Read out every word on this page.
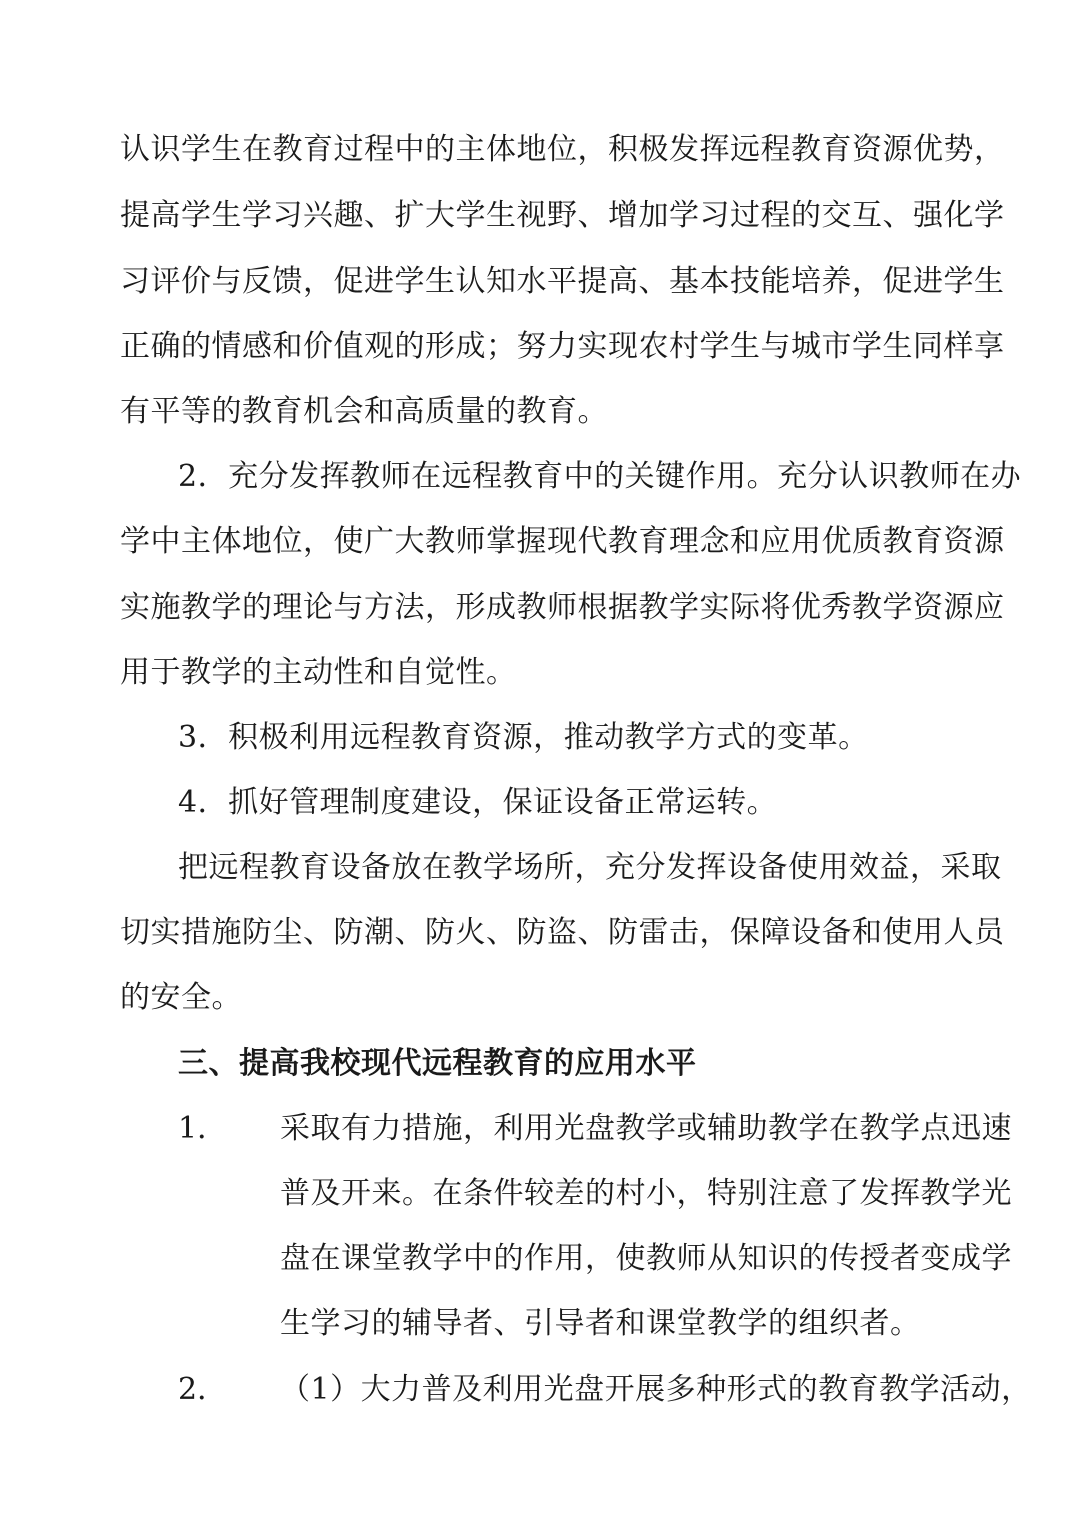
认识学生在教育过程中的主体地位，积极发挥远程教育资源优势，
提高学生学习兴趣、扩大学生视野、增加学习过程的交互、强化学
习评价与反馈，促进学生认知水平提高、基本技能培养，促进学生
正确的情感和价值观的形成；努力实现农村学生与城市学生同样享
有平等的教育机会和高质量的教育。
2．充分发挥教师在远程教育中的关键作用。充分认识教师在办
学中主体地位，使广大教师掌握现代教育理念和应用优质教育资源
实施教学的理论与方法，形成教师根据教学实际将优秀教学资源应
用于教学的主动性和自觉性。
3．积极利用远程教育资源，推动教学方式的变革。
4．抓好管理制度建设，保证设备正常运转。
把远程教育设备放在教学场所，充分发挥设备使用效益，采取
切实措施防尘、防潮、防火、防盗、防雷击，保障设备和使用人员
的安全。
三、提高我校现代远程教育的应用水平
1． 采取有力措施，利用光盘教学或辅助教学在教学点迅速
普及开来。在条件较差的村小，特别注意了发挥教学光
盘在课堂教学中的作用，使教师从知识的传授者变成学
生学习的辅导者、引导者和课堂教学的组织者。
2． （1）大力普及利用光盘开展多种形式的教育教学活动，
